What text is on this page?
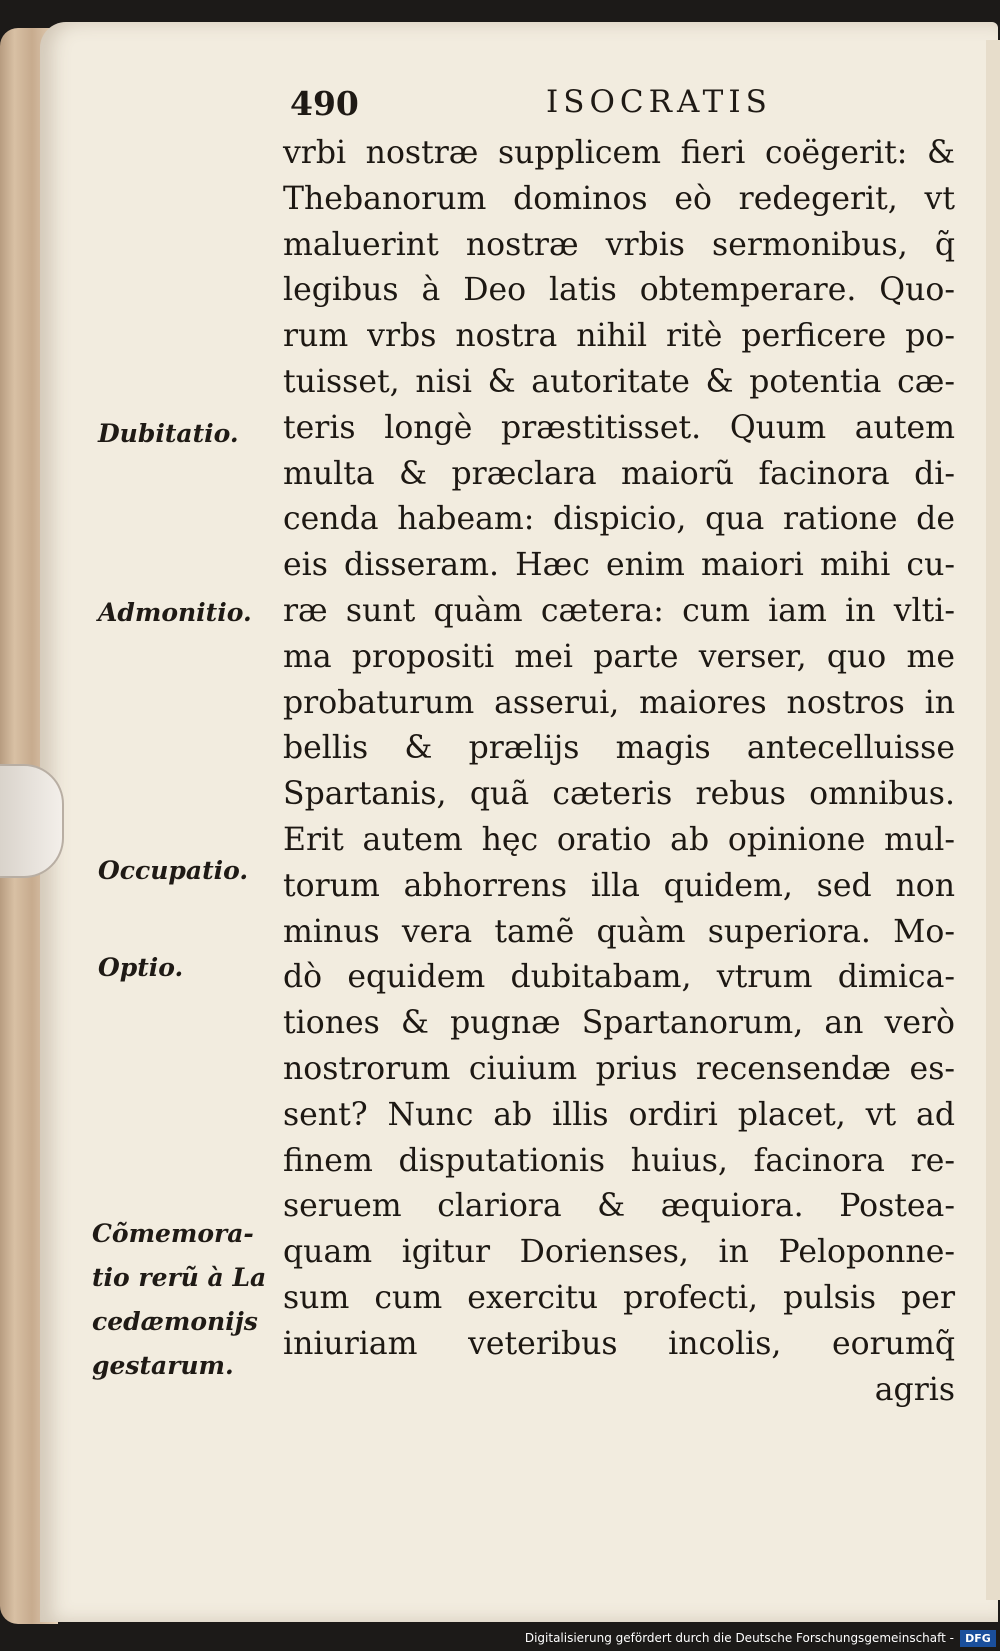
490	ISOCRATIS
vrbi nostræ supplicem fieri coëgerit: &
Thebanorum dominos eò redegerit, vt
maluerint nostræ vrbis sermonibus, q̃
legibus à Deo latis obtemperare. Quo-
rum vrbs nostra nihil ritè perficere po-
tuisset, nisi & autoritate & potentia cæ-
teris longè præstitisset. Quum autem
multa & præclara maiorũ facinora di-
cenda habeam: dispicio, qua ratione de
eis disseram. Hæc enim maiori mihi cu-
ræ sunt quàm cætera: cum iam in vlti-
ma propositi mei parte verser, quo me
probaturum asserui, maiores nostros in
bellis & prælijs magis antecelluisse
Spartanis, quã cæteris rebus omnibus.
Erit autem hęc oratio ab opinione mul-
torum abhorrens illa quidem, sed non
minus vera tamẽ quàm superiora. Mo-
dò equidem dubitabam, vtrum dimica-
tiones & pugnæ Spartanorum, an verò
nostrorum ciuium prius recensendæ es-
sent? Nunc ab illis ordiri placet, vt ad
finem disputationis huius, facinora re-
seruem clariora & æquiora. Postea-
quam igitur Dorienses, in Peloponne-
sum cum exercitu profecti, pulsis per
iniuriam veteribus incolis, eorumq̃
agris
Dubitatio.
Admonitio.
Occupatio.
Optio.
Cõmemora-
tio rerũ à La
cedæmonijs
gestarum.
Digitalisierung gefördert durch die Deutsche Forschungsgemeinschaft -	DFG
